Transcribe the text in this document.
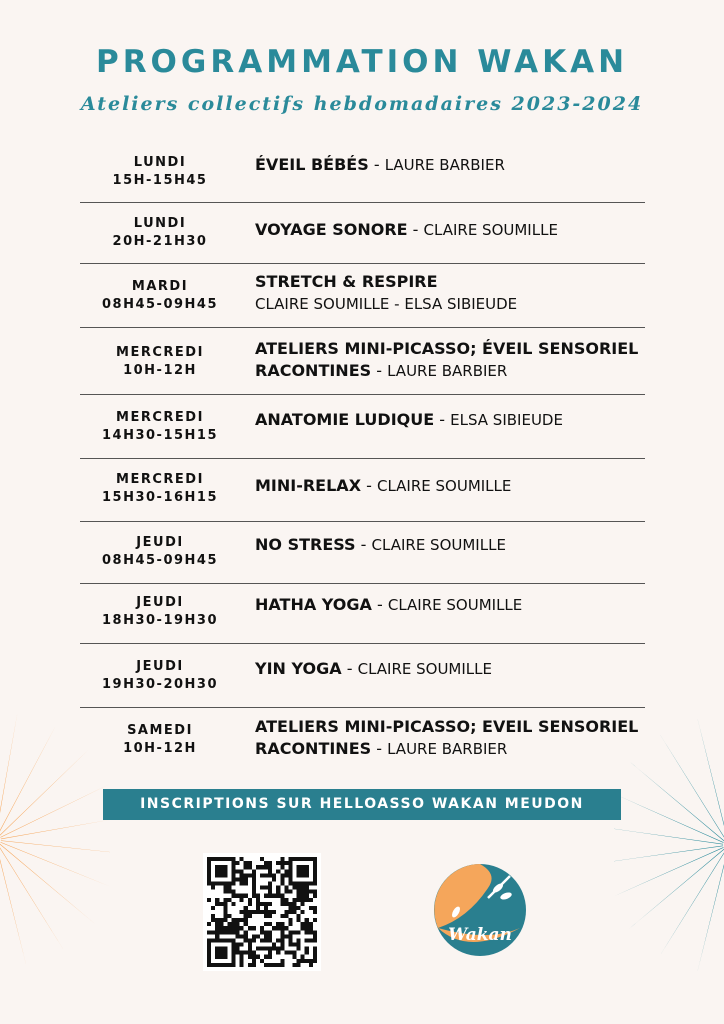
PROGRAMMATION WAKAN
Ateliers collectifs hebdomadaires 2023-2024
LUNDI
15H-15H45
ÉVEIL BÉBÉS - LAURE BARBIER
LUNDI
20H-21H30
VOYAGE SONORE - CLAIRE SOUMILLE
MARDI
08H45-09H45
STRETCH & RESPIRE
CLAIRE SOUMILLE - ELSA SIBIEUDE
MERCREDI
10H-12H
ATELIERS MINI-PICASSO; ÉVEIL SENSORIEL
RACONTINES - LAURE BARBIER
MERCREDI
14H30-15H15
ANATOMIE LUDIQUE - ELSA SIBIEUDE
MERCREDI
15H30-16H15
MINI-RELAX - CLAIRE SOUMILLE
JEUDI
08H45-09H45
NO STRESS - CLAIRE SOUMILLE
JEUDI
18H30-19H30
HATHA YOGA - CLAIRE SOUMILLE
JEUDI
19H30-20H30
YIN YOGA - CLAIRE SOUMILLE
SAMEDI
10H-12H
ATELIERS MINI-PICASSO; EVEIL SENSORIEL
RACONTINES - LAURE BARBIER
INSCRIPTIONS SUR HELLOASSO WAKAN MEUDON
Wakan
